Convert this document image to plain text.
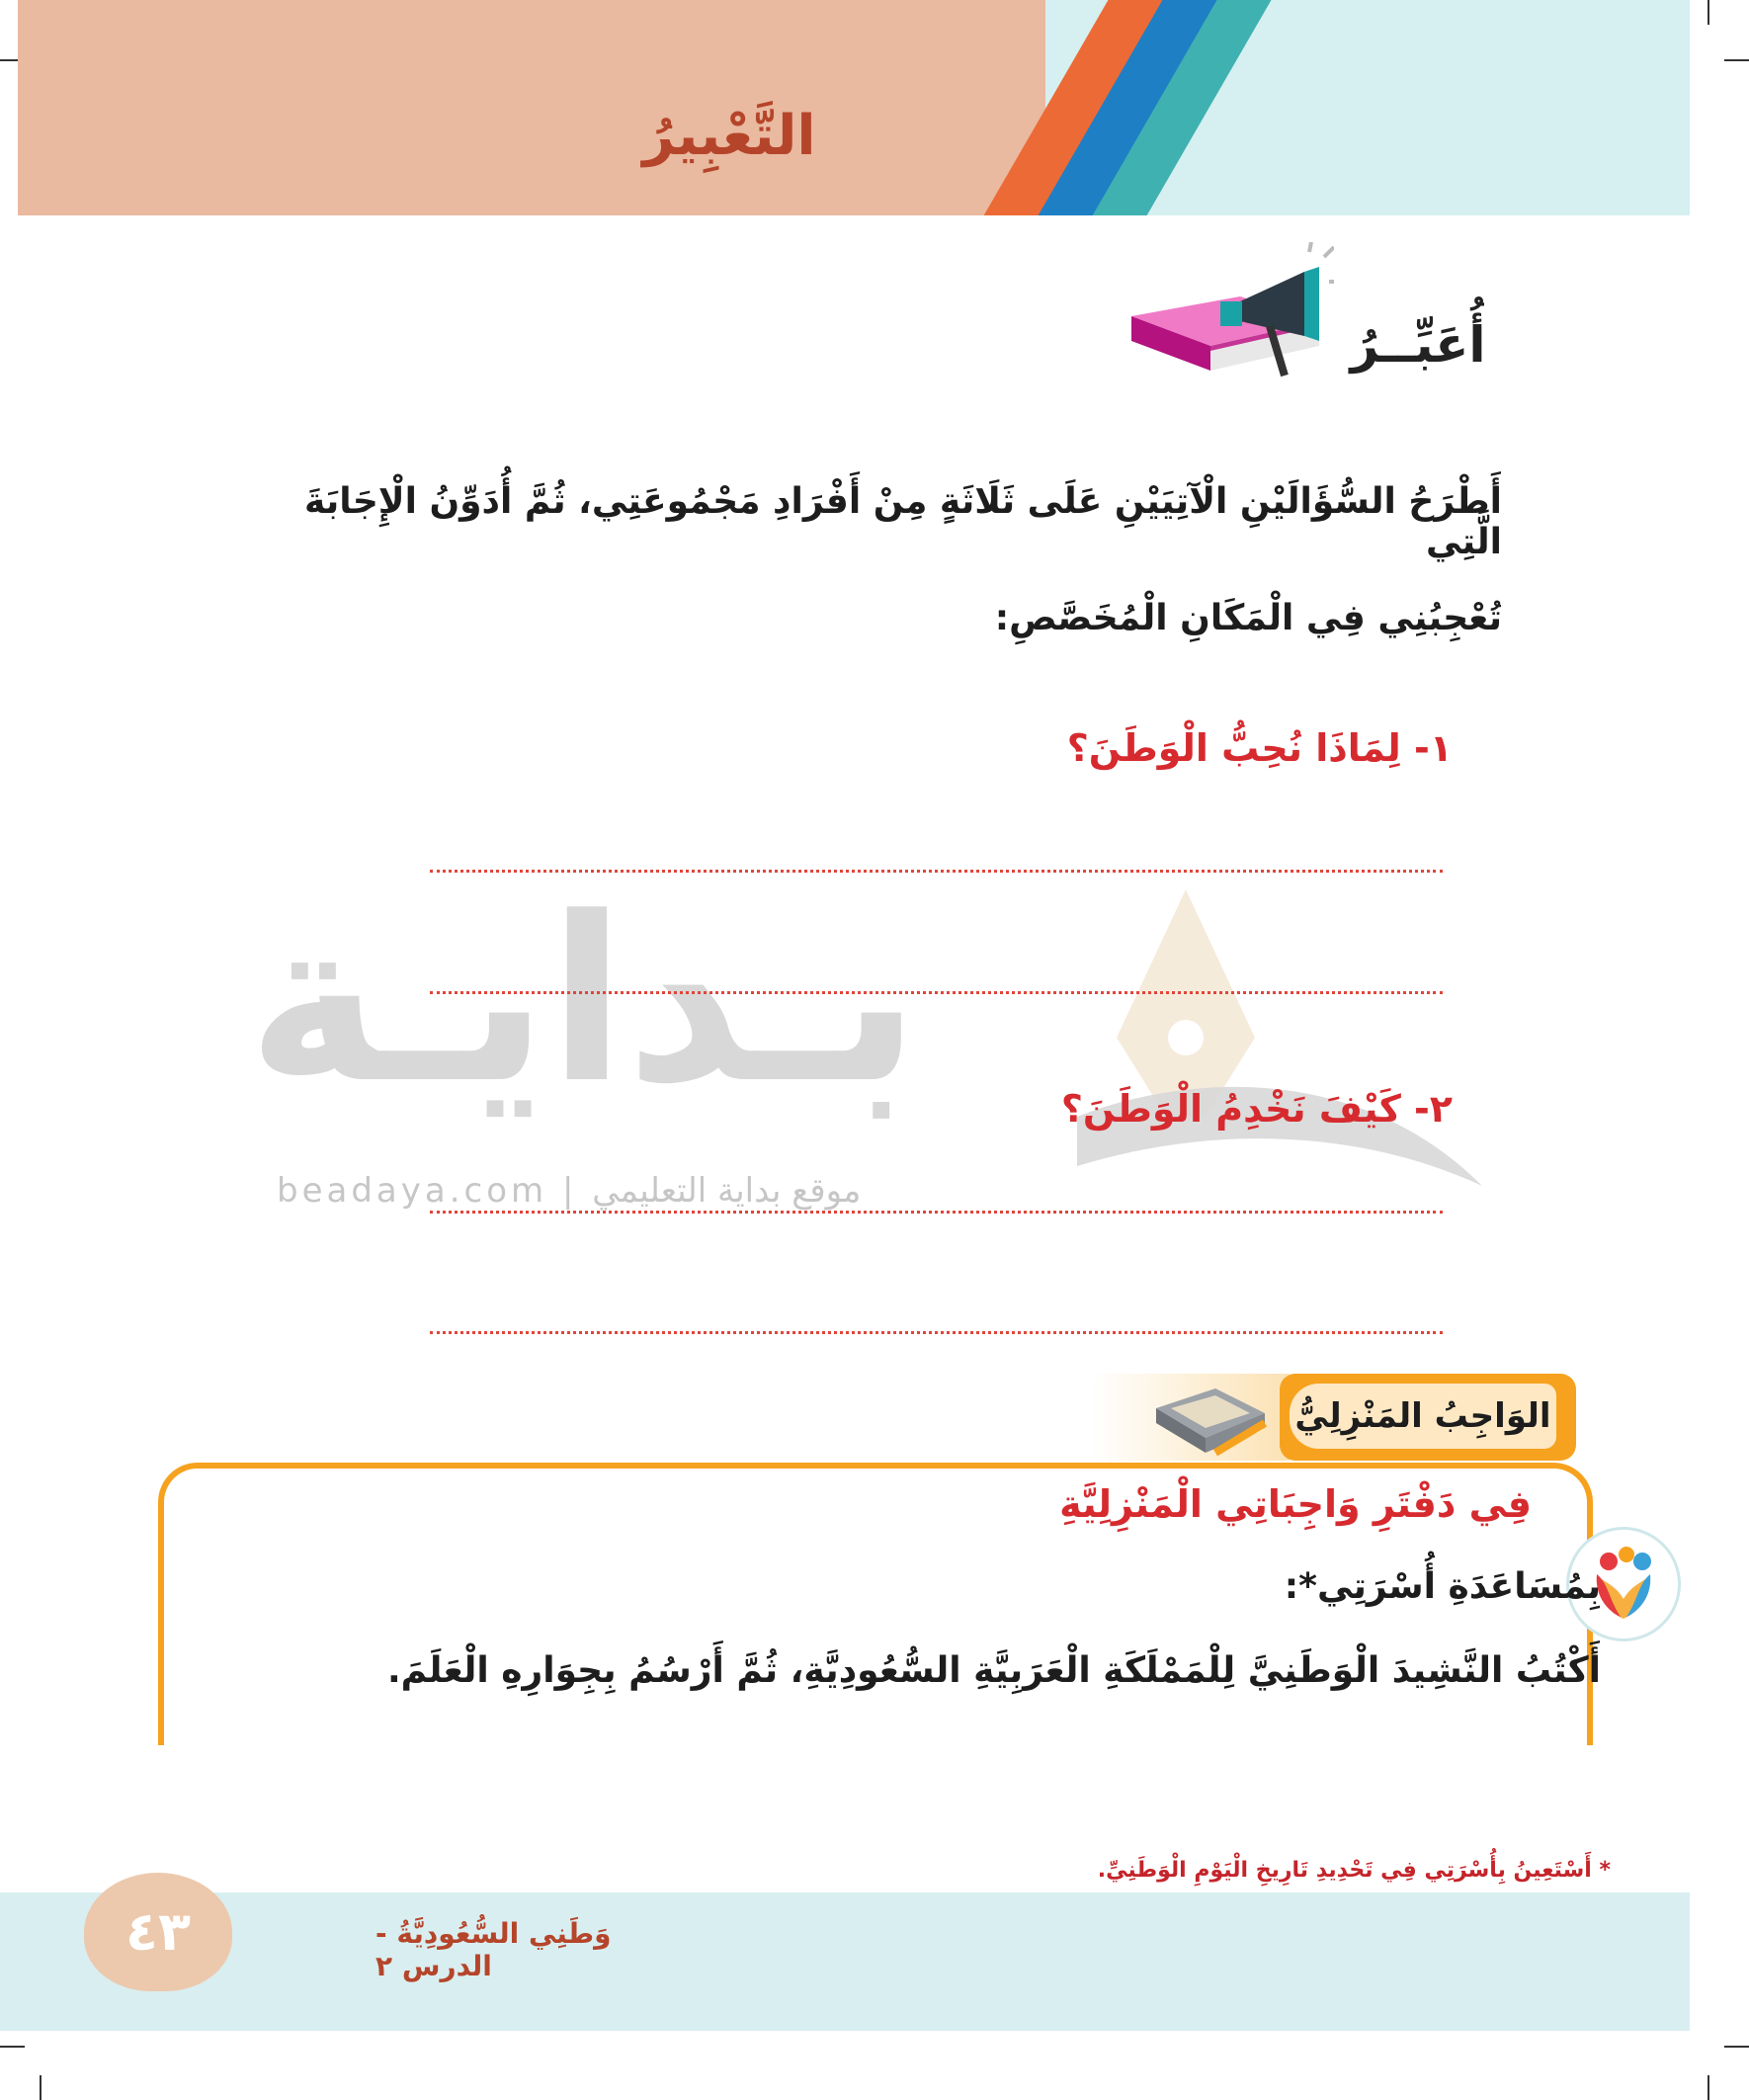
التَّعْبِيرُ
أُعَبِّــرُ
بـدايـة
beadaya.com | موقع بداية التعليمي
أَطْرَحُ السُّؤَالَيْنِ الْآتِيَيْنِ عَلَى ثَلَاثَةٍ مِنْ أَفْرَادِ مَجْمُوعَتِي، ثُمَّ أُدَوِّنُ الْإِجَابَةَ الَّتِي
تُعْجِبُنِي فِي الْمَكَانِ الْمُخَصَّصِ:
١- لِمَاذَا نُحِبُّ الْوَطَنَ؟
٢- كَيْفَ نَخْدِمُ الْوَطَنَ؟
الوَاجِبُ المَنْزِلِيُّ
فِي دَفْتَرِ وَاجِبَاتِي الْمَنْزِلِيَّةِ
بِمُسَاعَدَةِ أُسْرَتِي*:
أَكْتُبُ النَّشِيدَ الْوَطَنِيَّ لِلْمَمْلَكَةِ الْعَرَبِيَّةِ السُّعُودِيَّةِ، ثُمَّ أَرْسُمُ بِجِوَارِهِ الْعَلَمَ.
* أَسْتَعِينُ بِأُسْرَتِي فِي تَحْدِيدِ تَارِيخِ الْيَوْمِ الْوَطَنِيِّ.
٤٣	وَطَنِي السُّعُودِيَّةُ - الدرس ٢
